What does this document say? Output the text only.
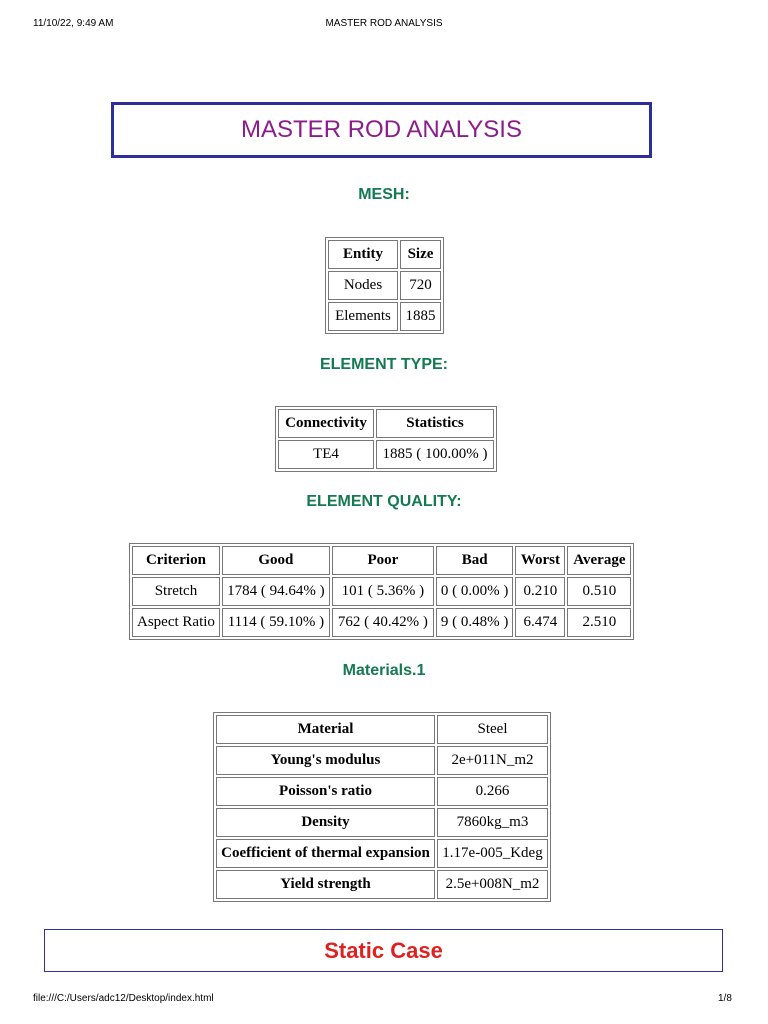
11/10/22, 9:49 AM	MASTER ROD ANALYSIS
MASTER ROD ANALYSIS
MESH:
Entity	Size
Nodes	720
Elements	1885
ELEMENT TYPE:
Connectivity	Statistics
TE4	1885 ( 100.00% )
ELEMENT QUALITY:
Criterion	Good	Poor	Bad	Worst	Average
Stretch	1784 ( 94.64% )	101 ( 5.36% )	0 ( 0.00% )	0.210	0.510
Aspect Ratio	1114 ( 59.10% )	762 ( 40.42% )	9 ( 0.48% )	6.474	2.510
Materials.1
Material	Steel
Young's modulus	2e+011N_m2
Poisson's ratio	0.266
Density	7860kg_m3
Coefficient of thermal expansion	1.17e-005_Kdeg
Yield strength	2.5e+008N_m2
Static Case
file:///C:/Users/adc12/Desktop/index.html	1/8
